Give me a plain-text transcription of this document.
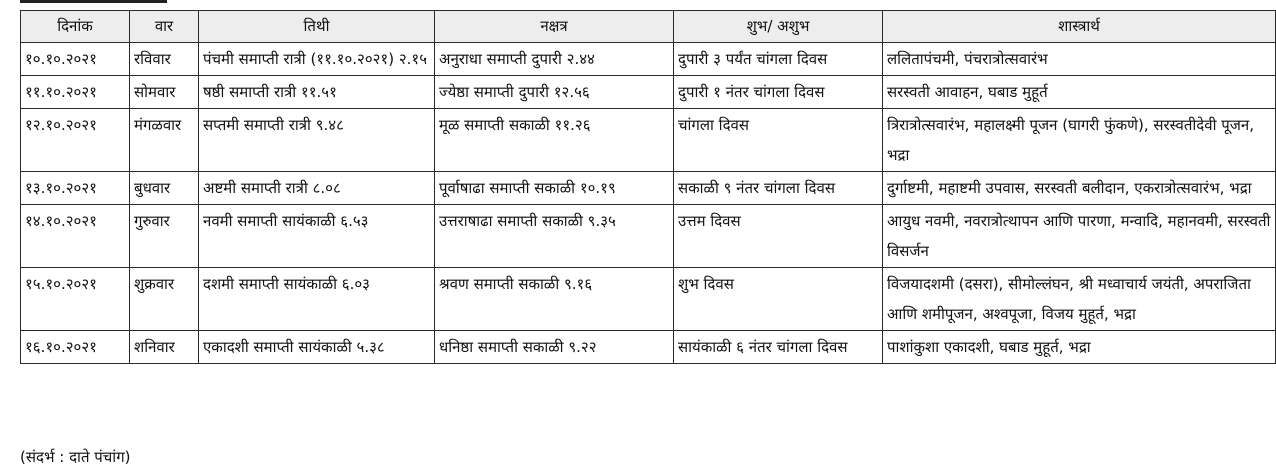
दिनांक	वार	तिथी	नक्षत्र	शुभ/ अशुभ	शास्त्रार्थ
१०.१०.२०२१	रविवार	पंचमी समाप्ती रात्री (११.१०.२०२१) २.१५	अनुराधा समाप्ती दुपारी २.४४	दुपारी ३ पर्यंत चांगला दिवस	ललितापंचमी, पंचरात्रोत्सवारंभ
११.१०.२०२१	सोमवार	षष्ठी समाप्ती रात्री ११.५१	ज्येष्ठा समाप्ती दुपारी १२.५६	दुपारी १ नंतर चांगला दिवस	सरस्वती आवाहन, घबाड मुहूर्त
१२.१०.२०२१	मंगळवार	सप्तमी समाप्ती रात्री ९.४८	मूळ समाप्ती सकाळी ११.२६	चांगला दिवस	त्रिरात्रोत्सवारंभ, महालक्ष्मी पूजन (घागरी फुंकणे), सरस्वतीदेवी पूजन, भद्रा
१३.१०.२०२१	बुधवार	अष्टमी समाप्ती रात्री ८.०८	पूर्वाषाढा समाप्ती सकाळी १०.१९	सकाळी ९ नंतर चांगला दिवस	दुर्गाष्टमी, महाष्टमी उपवास, सरस्वती बलीदान, एकरात्रोत्सवारंभ, भद्रा
१४.१०.२०२१	गुरुवार	नवमी समाप्ती सायंकाळी ६.५३	उत्तराषाढा समाप्ती सकाळी ९.३५	उत्तम दिवस	आयुध नवमी, नवरात्रोत्थापन आणि पारणा, मन्वादि, महानवमी, सरस्वती विसर्जन
१५.१०.२०२१	शुक्रवार	दशमी समाप्ती सायंकाळी ६.०३	श्रवण समाप्ती सकाळी ९.१६	शुभ दिवस	विजयादशमी (दसरा), सीमोल्लंघन, श्री मध्वाचार्य जयंती, अपराजिता आणि शमीपूजन, अश्वपूजा, विजय मुहूर्त, भद्रा
१६.१०.२०२१	शनिवार	एकादशी समाप्ती सायंकाळी ५.३८	धनिष्ठा समाप्ती सकाळी ९.२२	सायंकाळी ६ नंतर चांगला दिवस	पाशांकुशा एकादशी, घबाड मुहूर्त, भद्रा
(संदर्भ : दाते पंचांग)
